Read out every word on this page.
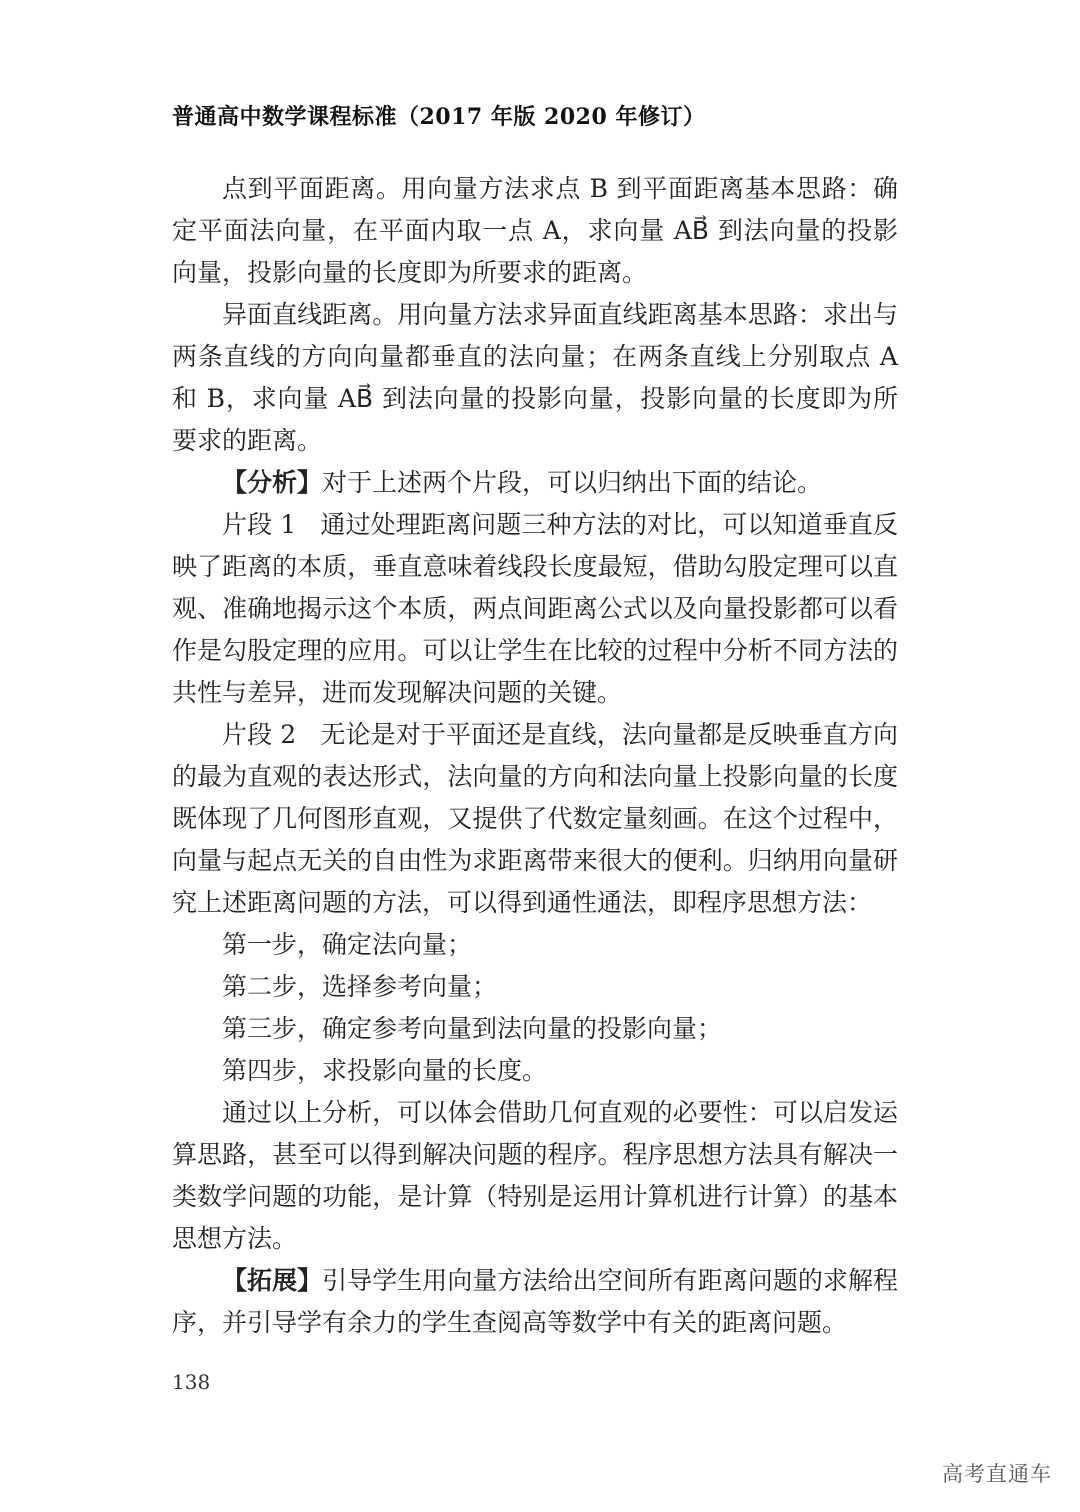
普通高中数学课程标准（2017 年版 2020 年修订）

点到平面距离。用向量方法求点 B 到平面距离基本思路：确定平面法向量，在平面内取一点 A，求向量 AB⃗ 到法向量的投影向量，投影向量的长度即为所要求的距离。

异面直线距离。用向量方法求异面直线距离基本思路：求出与两条直线的方向向量都垂直的法向量；在两条直线上分别取点 A 和 B，求向量 AB⃗ 到法向量的投影向量，投影向量的长度即为所要求的距离。

【分析】对于上述两个片段，可以归纳出下面的结论。

片段 1 通过处理距离问题三种方法的对比，可以知道垂直反映了距离的本质，垂直意味着线段长度最短，借助勾股定理可以直观、准确地揭示这个本质，两点间距离公式以及向量投影都可以看作是勾股定理的应用。可以让学生在比较的过程中分析不同方法的共性与差异，进而发现解决问题的关键。

片段 2 无论是对于平面还是直线，法向量都是反映垂直方向的最为直观的表达形式，法向量的方向和法向量上投影向量的长度既体现了几何图形直观，又提供了代数定量刻画。在这个过程中，向量与起点无关的自由性为求距离带来很大的便利。归纳用向量研究上述距离问题的方法，可以得到通性通法，即程序思想方法：

第一步，确定法向量；

第二步，选择参考向量；

第三步，确定参考向量到法向量的投影向量；

第四步，求投影向量的长度。

通过以上分析，可以体会借助几何直观的必要性：可以启发运算思路，甚至可以得到解决问题的程序。程序思想方法具有解决一类数学问题的功能，是计算（特别是运用计算机进行计算）的基本思想方法。

【拓展】引导学生用向量方法给出空间所有距离问题的求解程序，并引导学有余力的学生查阅高等数学中有关的距离问题。

138
高考直通车
